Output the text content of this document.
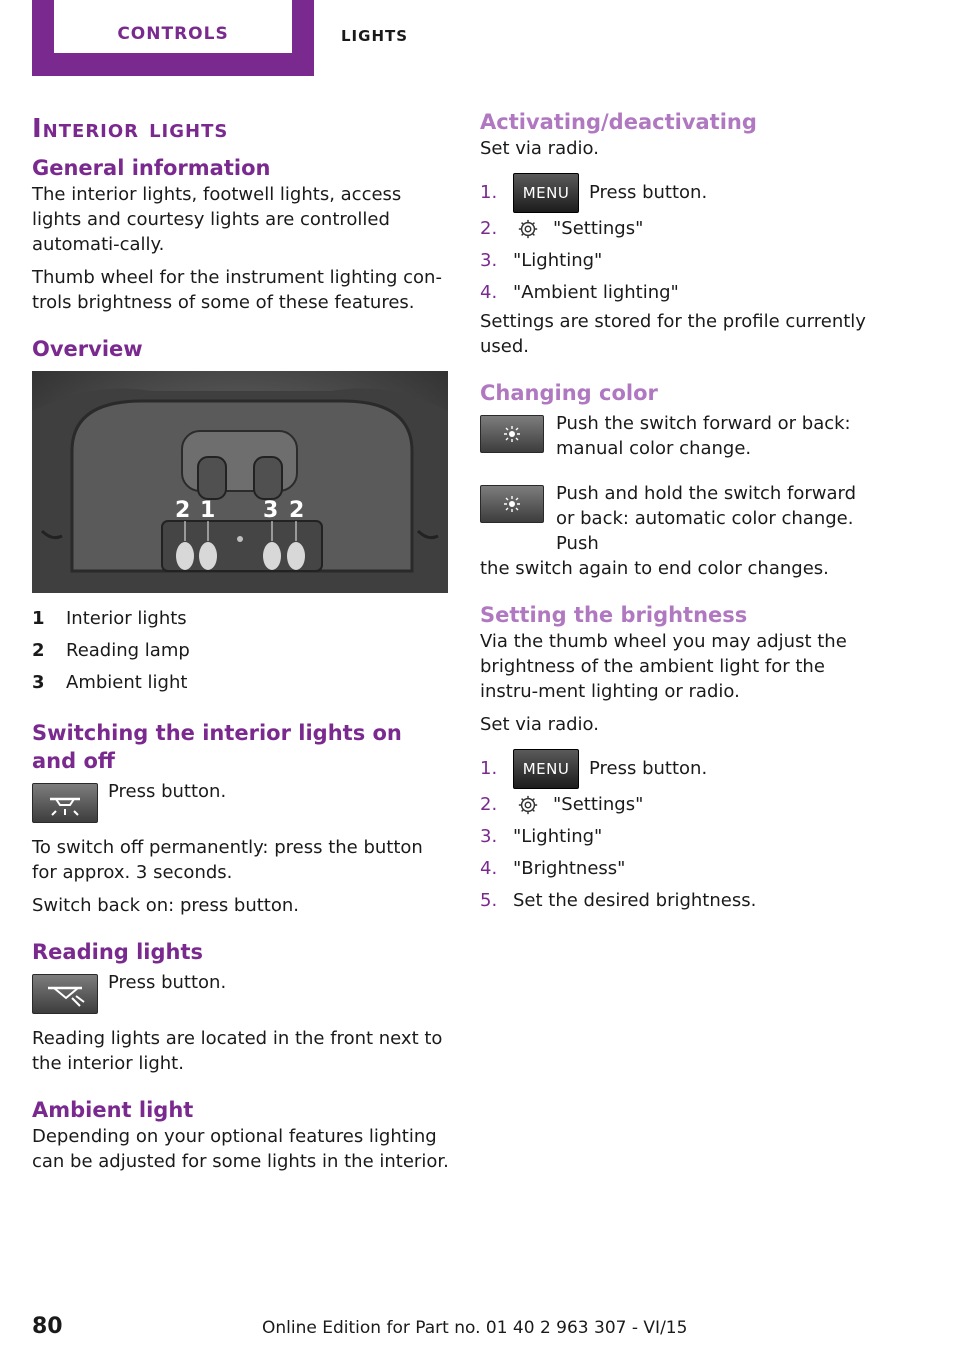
CONTROLS	LIGHTS
Interior lights
General information

The interior lights, footwell lights, access lights and courtesy lights are controlled automati‐cally.

Thumb wheel for the instrument lighting con‐trols brightness of some of these features.

Overview
2 1 3 2
1	Interior lights
2	Reading lamp
3	Ambient light
Switching the interior lights on and off

Press button.

To switch off permanently: press the button for approx. 3 seconds.

Switch back on: press button.

Reading lights

Press button.

Reading lights are located in the front next to the interior light.

Ambient light

Depending on your optional features lighting can be adjusted for some lights in the interior.

Activating/deactivating

Set via radio.

1.	MENU	Press button.
2.	"Settings"
3. "Lighting"
4. "Ambient lighting"

Settings are stored for the profile currently used.

Changing color

Push the switch forward or back: manual color change.

Push and hold the switch forward or back: automatic color change. Push

the switch again to end color changes.

Setting the brightness

Via the thumb wheel you may adjust the brightness of the ambient light for the instru‐ment lighting or radio.

Set via radio.

1.	MENU	Press button.
2.	"Settings"
3. "Lighting"
4. "Brightness"
5. Set the desired brightness.
80	Online Edition for Part no. 01 40 2 963 307 - VI/15
